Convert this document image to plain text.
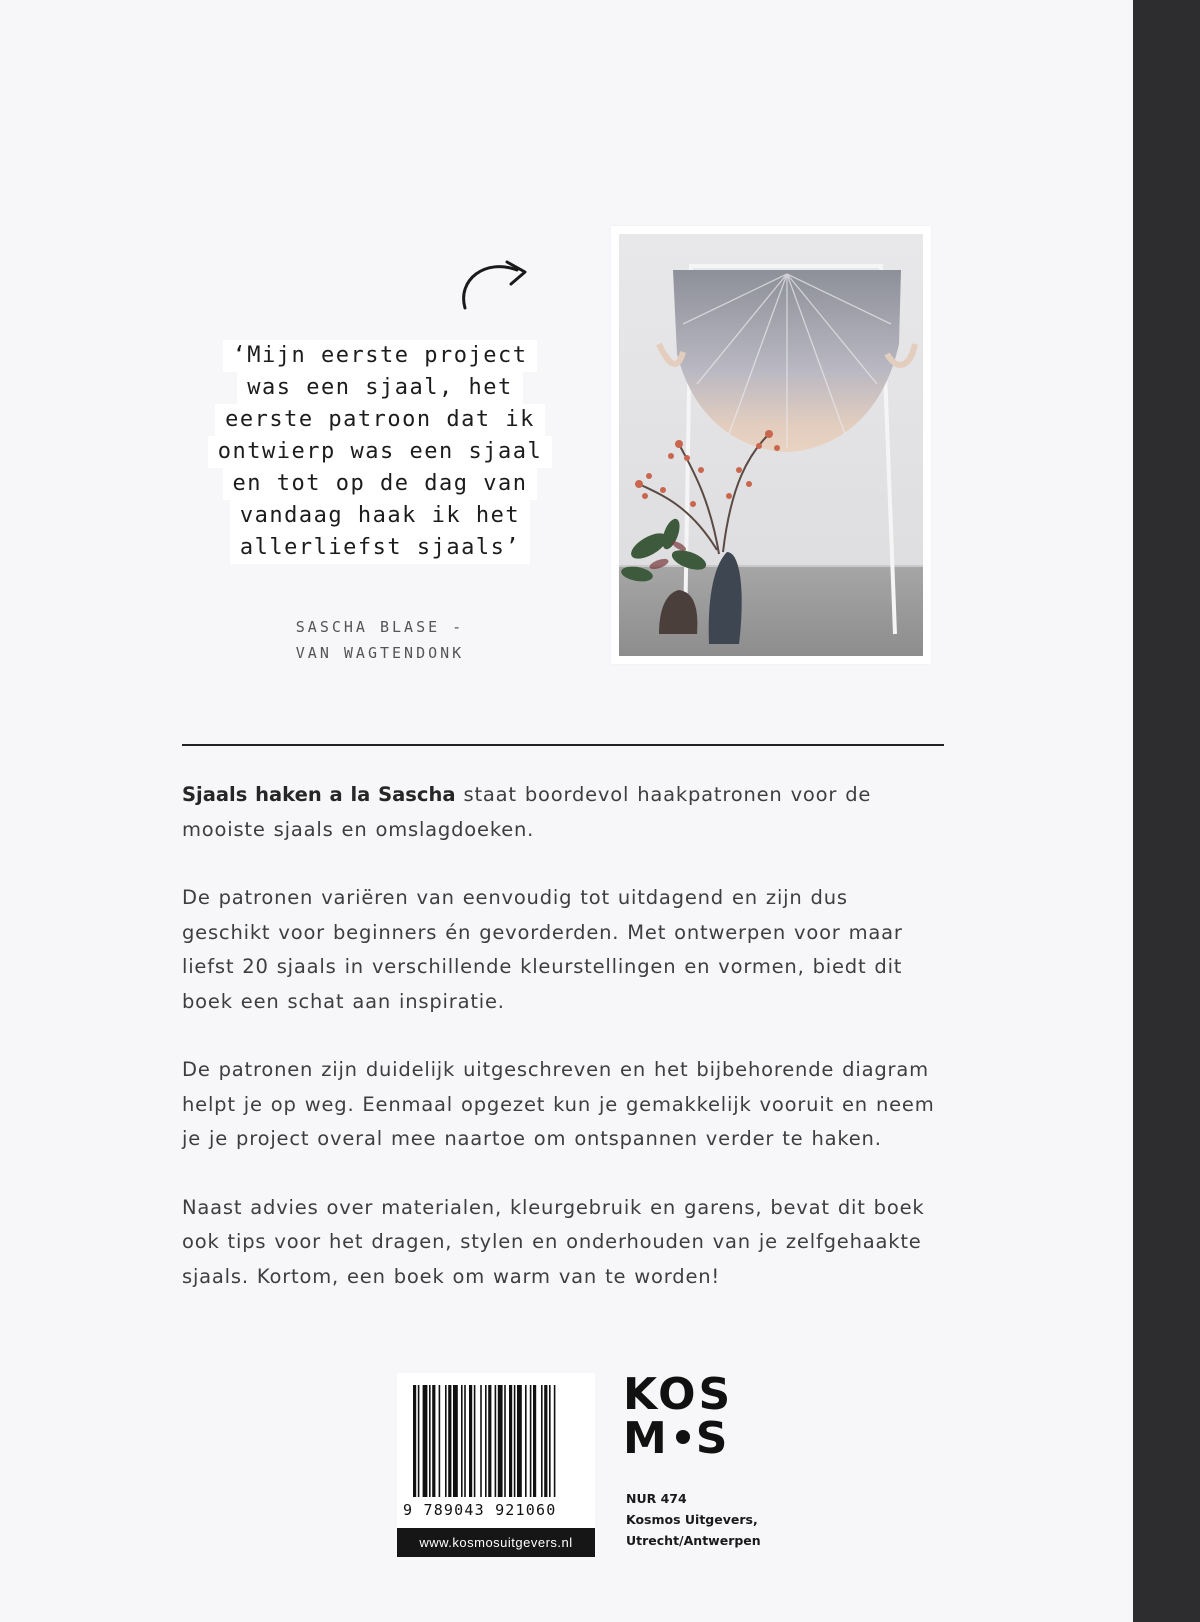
‘Mijn eerste project
was een sjaal, het
eerste patroon dat ik
ontwierp was een sjaal
en tot op de dag van
vandaag haak ik het
allerliefst sjaals’
SASCHA BLASE -
VAN WAGTENDONK

Sjaals haken a la Sascha staat boordevol haakpatronen voor de mooiste sjaals en omslagdoeken.

De patronen variëren van eenvoudig tot uitdagend en zijn dus geschikt voor beginners én gevorderden. Met ontwerpen voor maar liefst 20 sjaals in verschillende kleurstellingen en vormen, biedt dit boek een schat aan inspiratie.

De patronen zijn duidelijk uitgeschreven en het bijbehorende diagram helpt je op weg. Eenmaal opgezet kun je gemakkelijk vooruit en neem je je project overal mee naartoe om ontspannen verder te haken.

Naast advies over materialen, kleurgebruik en garens, bevat dit boek ook tips voor het dragen, stylen en onderhouden van je zelfgehaakte sjaals. Kortom, een boek om warm van te worden!

9 789043 921060
www.kosmosuitgevers.nl
KOS
M S
NUR 474
Kosmos Uitgevers,
Utrecht/Antwerpen
